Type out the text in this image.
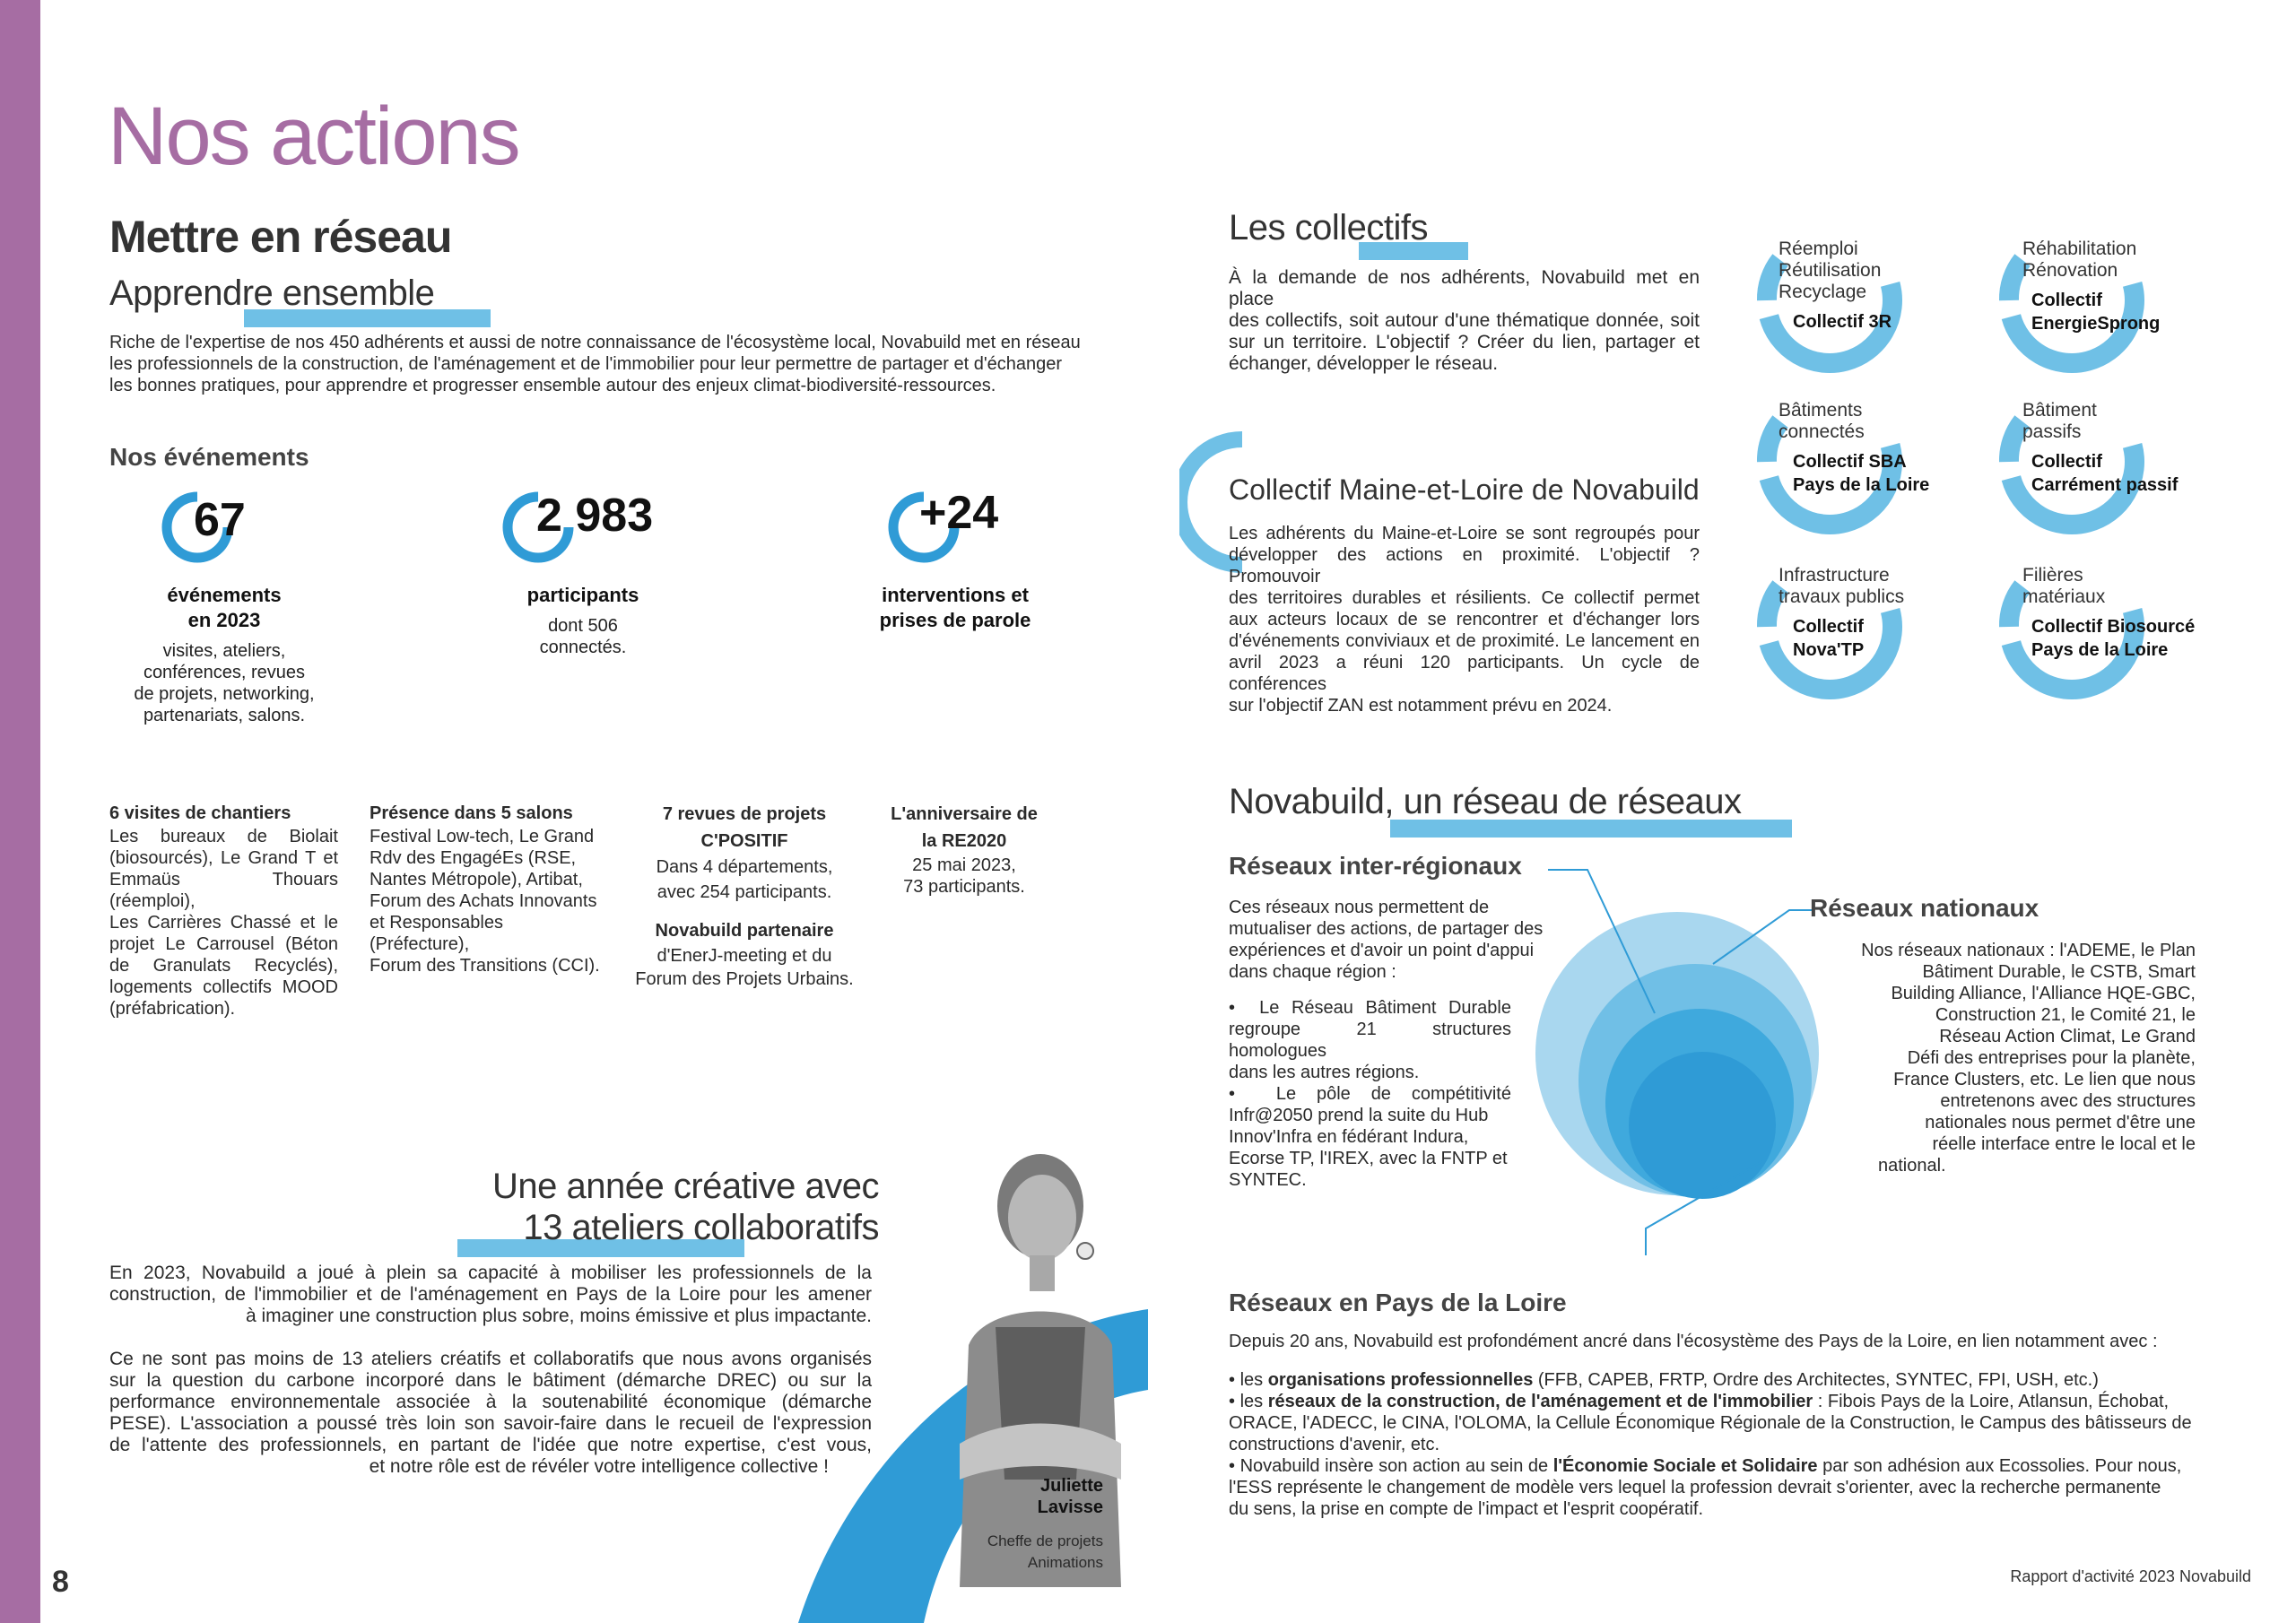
Nos actions
Mettre en réseau
Apprendre ensemble
Riche de l'expertise de nos 450 adhérents et aussi de notre connaissance de l'écosystème local, Novabuild met en réseau
les professionnels de la construction, de l'aménagement et de l'immobilier pour leur permettre de partager et d'échanger
les bonnes pratiques, pour apprendre et progresser ensemble autour des enjeux climat-biodiversité-ressources.
Nos événements
67
événements
en 2023
visites, ateliers,
conférences, revues
de projets, networking,
partenariats, salons.
2 983
participants
dont 506
connectés.
+24
interventions et
prises de parole
6 visites de chantiers
Les bureaux de Biolait
(biosourcés), Le Grand T et
Emmaüs Thouars (réemploi),
Les Carrières Chassé et le
projet Le Carrousel (Béton
de Granulats Recyclés),
logements collectifs MOOD
(préfabrication).
Présence dans 5 salons
Festival Low-tech, Le Grand
Rdv des EngagéEs (RSE,
Nantes Métropole), Artibat,
Forum des Achats Innovants
et Responsables (Préfecture),
Forum des Transitions (CCI).
7 revues de projets
C'POSITIF
Dans 4 départements,
avec 254 participants.
Novabuild partenaire
d'EnerJ-meeting et du
Forum des Projets Urbains.
L'anniversaire de
la RE2020
25 mai 2023,
73 participants.
Une année créative avec
13 ateliers collaboratifs
En 2023, Novabuild a joué à plein sa capacité à mobiliser les professionnels de la
construction, de l'immobilier et de l'aménagement en Pays de la Loire pour les amener
à imaginer une construction plus sobre, moins émissive et plus impactante.
Ce ne sont pas moins de 13 ateliers créatifs et collaboratifs que nous avons organisés
sur la question du carbone incorporé dans le bâtiment (démarche DREC) ou sur la
performance environnementale associée à la soutenabilité économique (démarche
PESE). L'association a poussé très loin son savoir-faire dans le recueil de l'expression
de l'attente des professionnels, en partant de l'idée que notre expertise, c'est vous,
et notre rôle est de révéler votre intelligence collective !
Juliette
Lavisse
Cheffe de projets
Animations
8
Les collectifs
À la demande de nos adhérents, Novabuild met en place
des collectifs, soit autour d'une thématique donnée, soit
sur un territoire. L'objectif ? Créer du lien, partager et
échanger, développer le réseau.
Collectif Maine-et-Loire de Novabuild
Les adhérents du Maine-et-Loire se sont regroupés pour
développer des actions en proximité. L'objectif ? Promouvoir
des territoires durables et résilients. Ce collectif permet
aux acteurs locaux de se rencontrer et d'échanger lors
d'événements conviviaux et de proximité. Le lancement en
avril 2023 a réuni 120 participants. Un cycle de conférences
sur l'objectif ZAN est notamment prévu en 2024.
Réemploi
Réutilisation
Recyclage
Collectif 3R
Réhabilitation
Rénovation
Collectif
EnergieSprong
Bâtiments
connectés
Collectif SBA
Pays de la Loire
Bâtiment
passifs
Collectif
Carrément passif
Infrastructure
travaux publics
Collectif
Nova'TP
Filières
matériaux
Collectif Biosourcé
Pays de la Loire
Novabuild, un réseau de réseaux
Réseaux inter-régionaux
Ces réseaux nous permettent de
mutualiser des actions, de partager des
expériences et d'avoir un point d'appui
dans chaque région :
• Le Réseau Bâtiment Durable
regroupe 21 structures homologues
dans les autres régions.
• Le pôle de compétitivité
Infr@2050 prend la suite du Hub
Innov'Infra en fédérant Indura,
Ecorse TP, l'IREX, avec la FNTP et
SYNTEC.
Réseaux nationaux
Nos réseaux nationaux : l'ADEME, le Plan
Bâtiment Durable, le CSTB, Smart
Building Alliance, l'Alliance HQE-GBC,
Construction 21, le Comité 21, le
Réseau Action Climat, Le Grand
Défi des entreprises pour la planète,
France Clusters, etc. Le lien que nous
entretenons avec des structures
nationales nous permet d'être une
réelle interface entre le local et le
national.
Réseaux en Pays de la Loire
Depuis 20 ans, Novabuild est profondément ancré dans l'écosystème des Pays de la Loire, en lien notamment avec :
• les organisations professionnelles (FFB, CAPEB, FRTP, Ordre des Architectes, SYNTEC, FPI, USH, etc.)
• les réseaux de la construction, de l'aménagement et de l'immobilier : Fibois Pays de la Loire, Atlansun, Échobat,
ORACE, l'ADECC, le CINA, l'OLOMA, la Cellule Économique Régionale de la Construction, le Campus des bâtisseurs de
constructions d'avenir, etc.
• Novabuild insère son action au sein de l'Économie Sociale et Solidaire par son adhésion aux Ecossolies. Pour nous,
l'ESS représente le changement de modèle vers lequel la profession devrait s'orienter, avec la recherche permanente
du sens, la prise en compte de l'impact et l'esprit coopératif.
Rapport d'activité 2023 Novabuild
